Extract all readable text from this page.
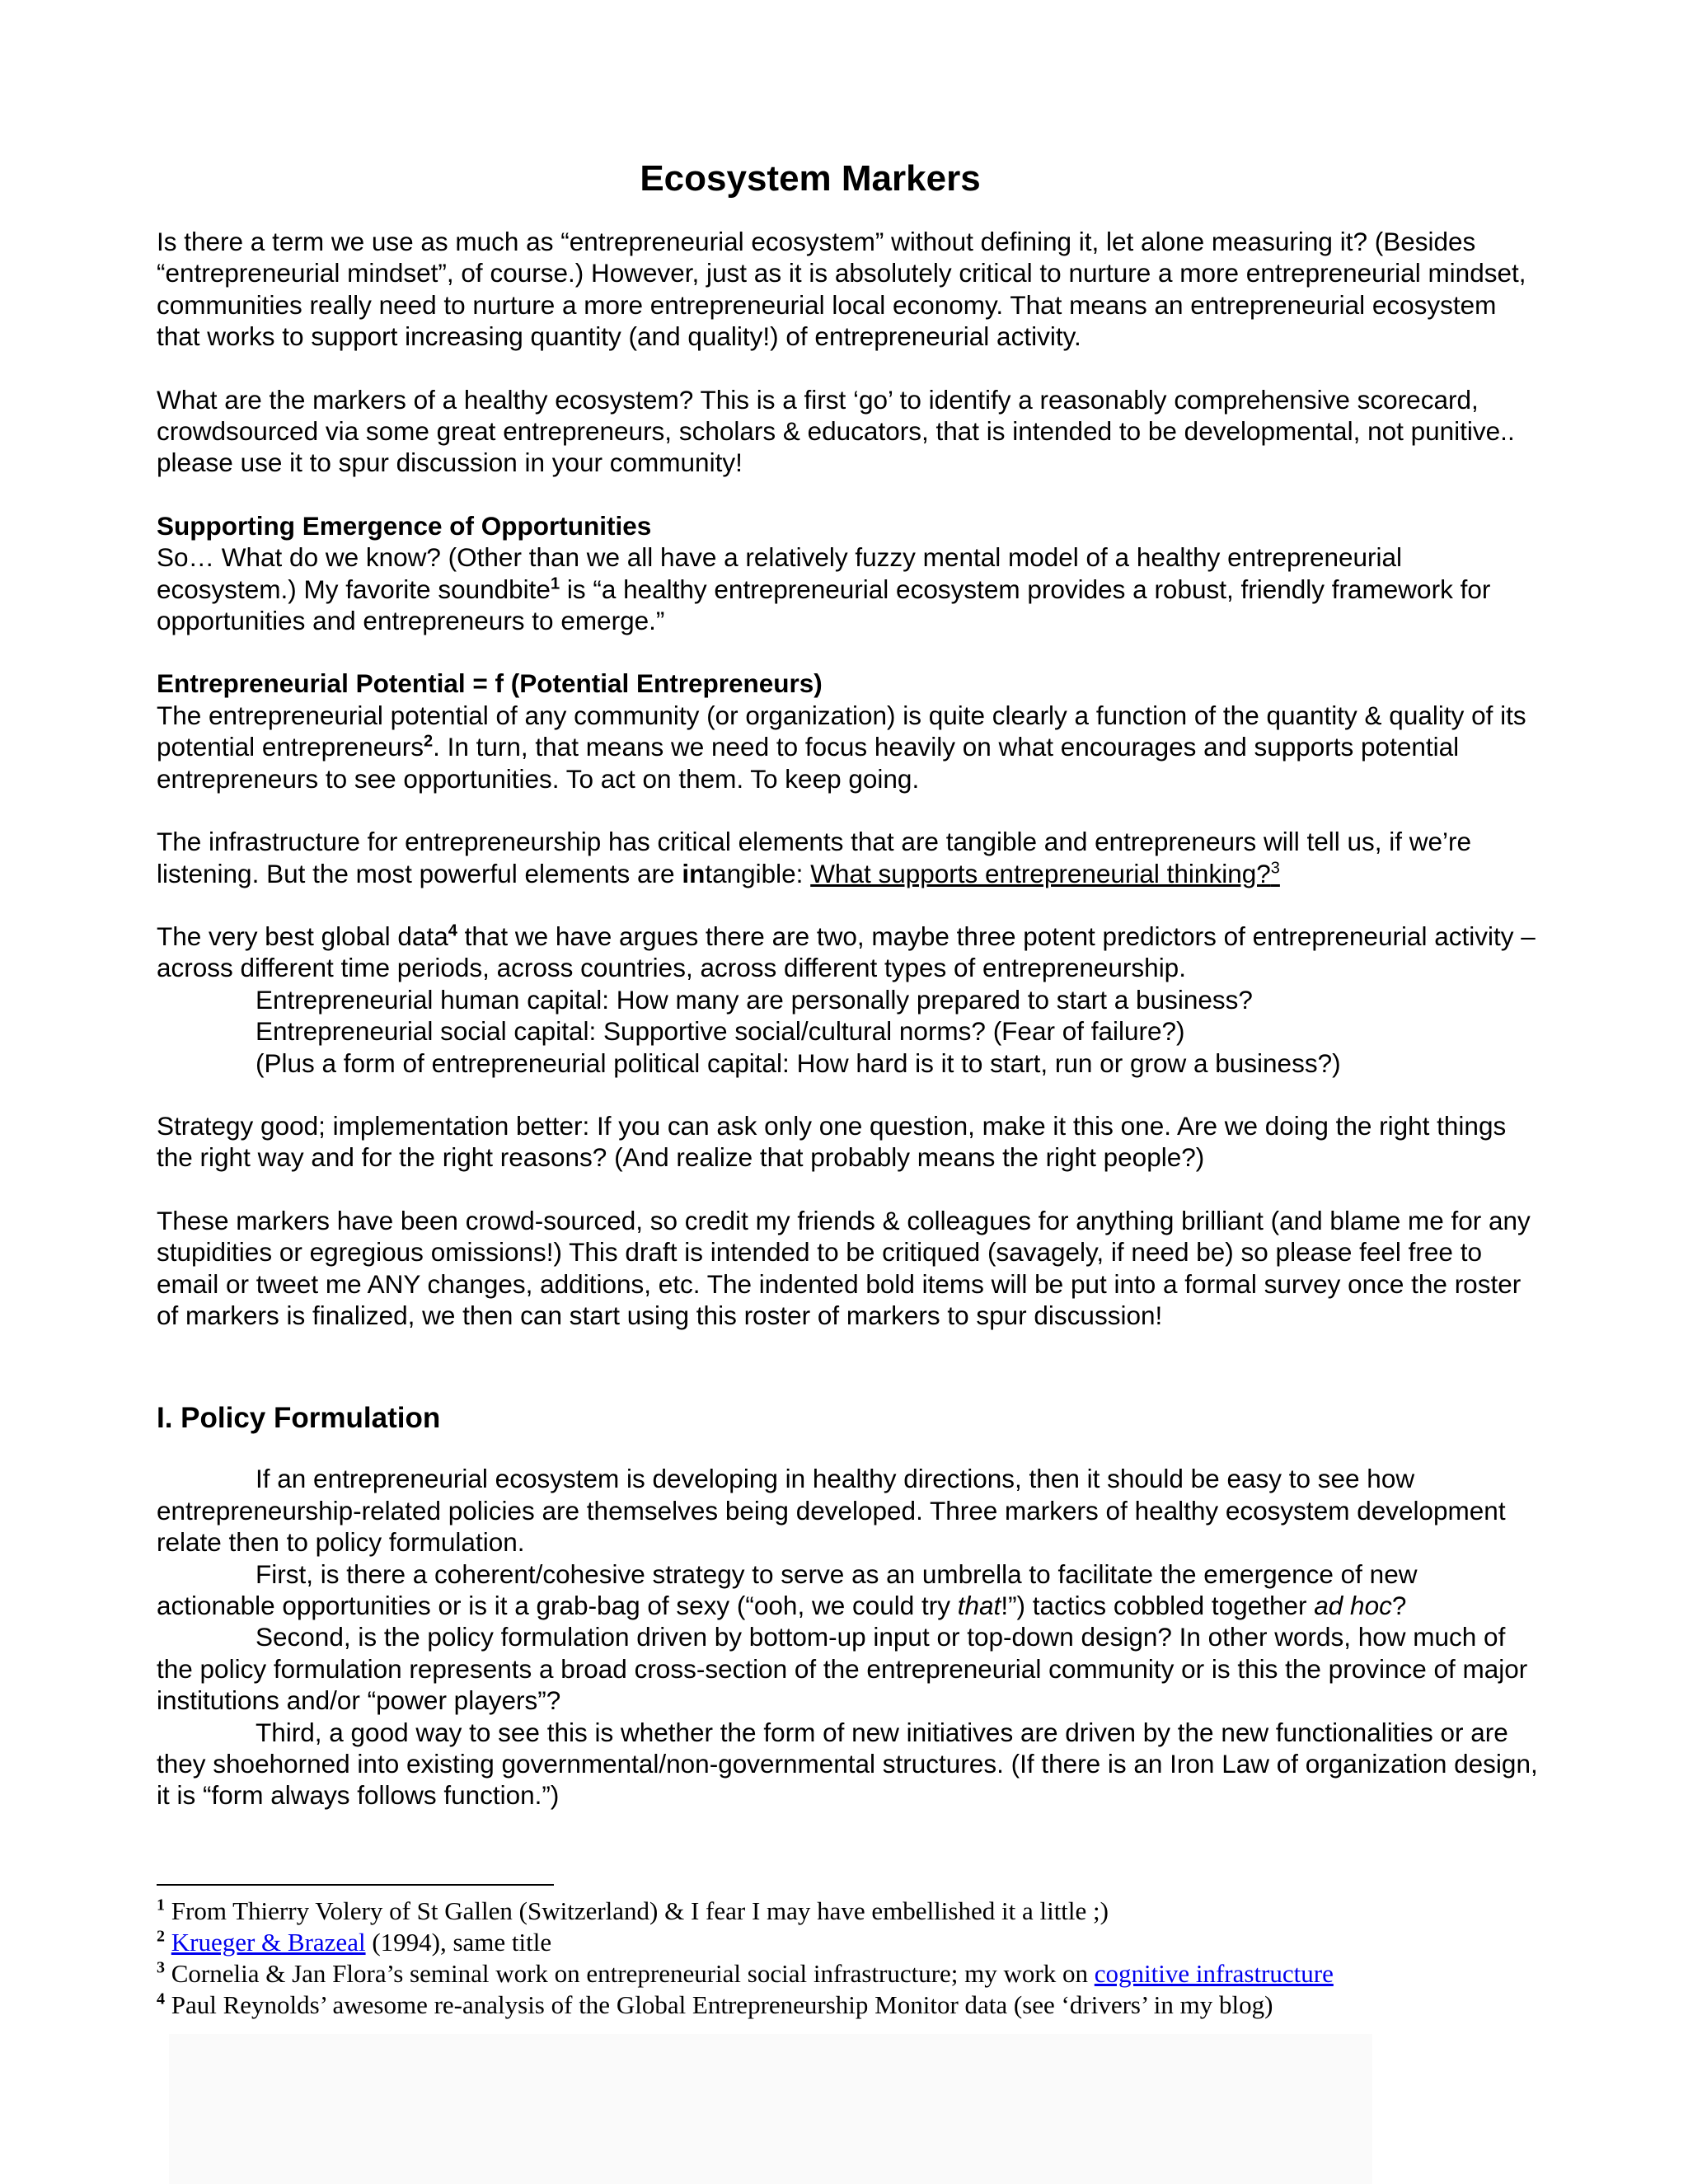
Ecosystem Markers

Is there a term we use as much as “entrepreneurial ecosystem” without defining it, let alone measuring it? (Besides “entrepreneurial mindset”, of course.) However, just as it is absolutely critical to nurture a more entrepreneurial mindset, communities really need to nurture a more entrepreneurial local economy. That means an entrepreneurial ecosystem that works to support increasing quantity (and quality!) of entrepreneurial activity.

What are the markers of a healthy ecosystem? This is a first ‘go’ to identify a reasonably comprehensive scorecard, crowdsourced via some great entrepreneurs, scholars & educators, that is intended to be developmental, not punitive.. please use it to spur discussion in your community!

Supporting Emergence of Opportunities

So… What do we know? (Other than we all have a relatively fuzzy mental model of a healthy entrepreneurial ecosystem.) My favorite soundbite$^1$ is “a healthy entrepreneurial ecosystem provides a robust, friendly framework for opportunities and entrepreneurs to emerge.”

Entrepreneurial Potential = f (Potential Entrepreneurs)

The entrepreneurial potential of any community (or organization) is quite clearly a function of the quantity & quality of its potential entrepreneurs$^2$. In turn, that means we need to focus heavily on what encourages and supports potential entrepreneurs to see opportunities. To act on them. To keep going.

The infrastructure for entrepreneurship has critical elements that are tangible and entrepreneurs will tell us, if we’re listening. But the most powerful elements are intangible: What supports entrepreneurial thinking?$^3$

The very best global data$^4$ that we have argues there are two, maybe three potent predictors of entrepreneurial activity – across different time periods, across countries, across different types of entrepreneurship.

Entrepreneurial human capital: How many are personally prepared to start a business?

Entrepreneurial social capital: Supportive social/cultural norms? (Fear of failure?)

(Plus a form of entrepreneurial political capital: How hard is it to start, run or grow a business?)

Strategy good; implementation better: If you can ask only one question, make it this one. Are we doing the right things the right way and for the right reasons? (And realize that probably means the right people?)

These markers have been crowd-sourced, so credit my friends & colleagues for anything brilliant (and blame me for any stupidities or egregious omissions!) This draft is intended to be critiqued (savagely, if need be) so please feel free to email or tweet me ANY changes, additions, etc. The indented bold items will be put into a formal survey once the roster of markers is finalized, we then can start using this roster of markers to spur discussion!

I. Policy Formulation

If an entrepreneurial ecosystem is developing in healthy directions, then it should be easy to see how entrepreneurship-related policies are themselves being developed. Three markers of healthy ecosystem development relate then to policy formulation.

First, is there a coherent/cohesive strategy to serve as an umbrella to facilitate the emergence of new actionable opportunities or is it a grab-bag of sexy (“ooh, we could try that!”) tactics cobbled together ad hoc?

Second, is the policy formulation driven by bottom-up input or top-down design? In other words, how much of the policy formulation represents a broad cross-section of the entrepreneurial community or is this the province of major institutions and/or “power players”?

Third, a good way to see this is whether the form of new initiatives are driven by the new functionalities or are they shoehorned into existing governmental/non-governmental structures. (If there is an Iron Law of organization design, it is “form always follows function.”)

$^1$ From Thierry Volery of St Gallen (Switzerland) & I fear I may have embellished it a little ;)
$^2$ Krueger & Brazeal (1994), same title
$^3$ Cornelia & Jan Flora’s seminal work on entrepreneurial social infrastructure; my work on cognitive infrastructure
$^4$ Paul Reynolds’ awesome re-analysis of the Global Entrepreneurship Monitor data (see ‘drivers’ in my blog)
